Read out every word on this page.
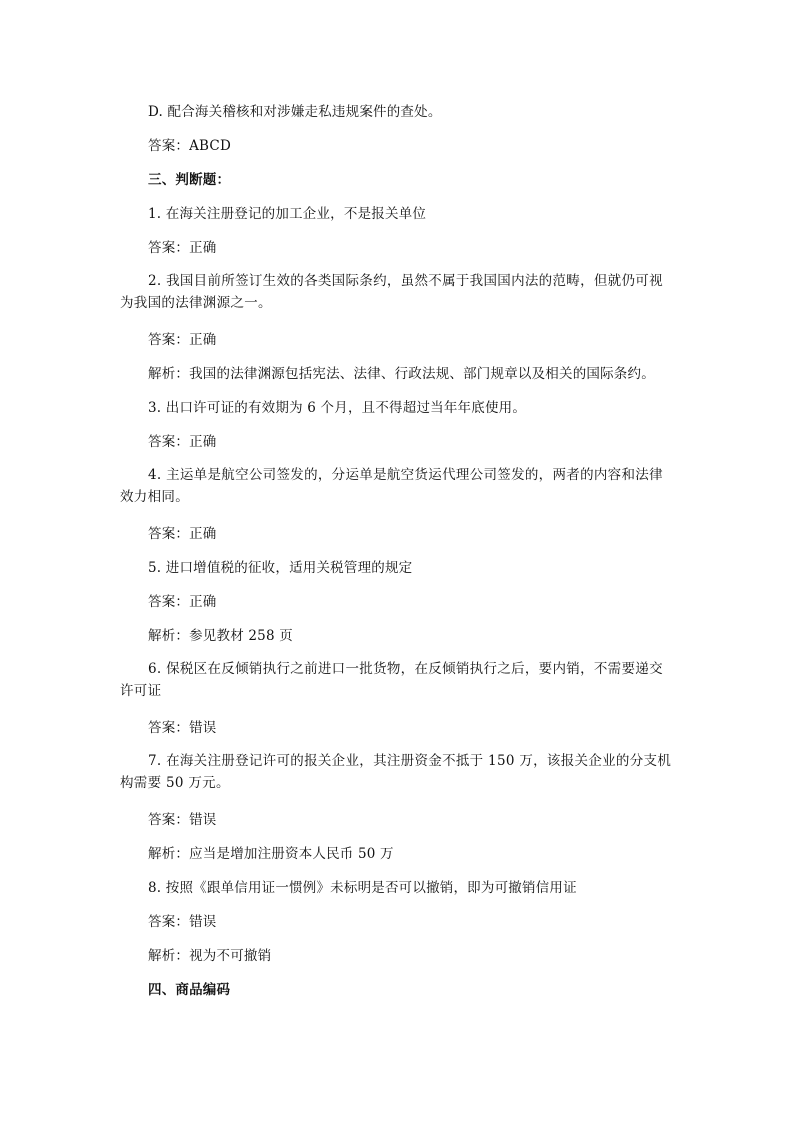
D. 配合海关稽核和对涉嫌走私违规案件的查处。
答案：ABCD
三、判断题：
1. 在海关注册登记的加工企业，不是报关单位
答案：正确
2. 我国目前所签订生效的各类国际条约，虽然不属于我国国内法的范畴，但就仍可视为我国的法律渊源之一。
答案：正确
解析：我国的法律渊源包括宪法、法律、行政法规、部门规章以及相关的国际条约。
3. 出口许可证的有效期为 6 个月，且不得超过当年年底使用。
答案：正确
4. 主运单是航空公司签发的，分运单是航空货运代理公司签发的，两者的内容和法律效力相同。
答案：正确
5. 进口增值税的征收，适用关税管理的规定
答案：正确
解析：参见教材 258 页
6. 保税区在反倾销执行之前进口一批货物，在反倾销执行之后，要内销，不需要递交许可证
答案：错误
7. 在海关注册登记许可的报关企业，其注册资金不抵于 150 万，该报关企业的分支机构需要 50 万元。
答案：错误
解析：应当是增加注册资本人民币 50 万
8. 按照《跟单信用证一惯例》未标明是否可以撤销，即为可撤销信用证
答案：错误
解析：视为不可撤销
四、商品编码
